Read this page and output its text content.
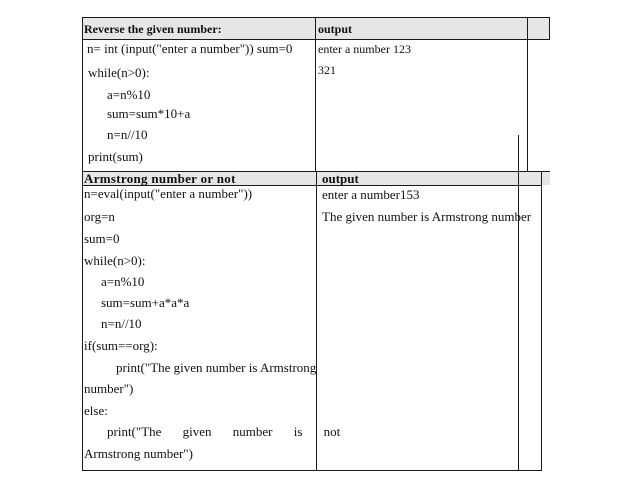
Reverse the given number:	output
n= int (input("enter a number")) sum=0
while(n>0):
a=n%10
sum=sum*10+a
n=n//10
print(sum)
enter a number 123
321
Armstrong number or not	output
n=eval(input("enter a number"))
org=n
sum=0
while(n>0):
a=n%10
sum=sum+a*a*a
n=n//10
if(sum==org):
print("The given number is Armstrong
number")
else:
print("The given number is not
Armstrong number")
enter a number153
The given number is Armstrong number
